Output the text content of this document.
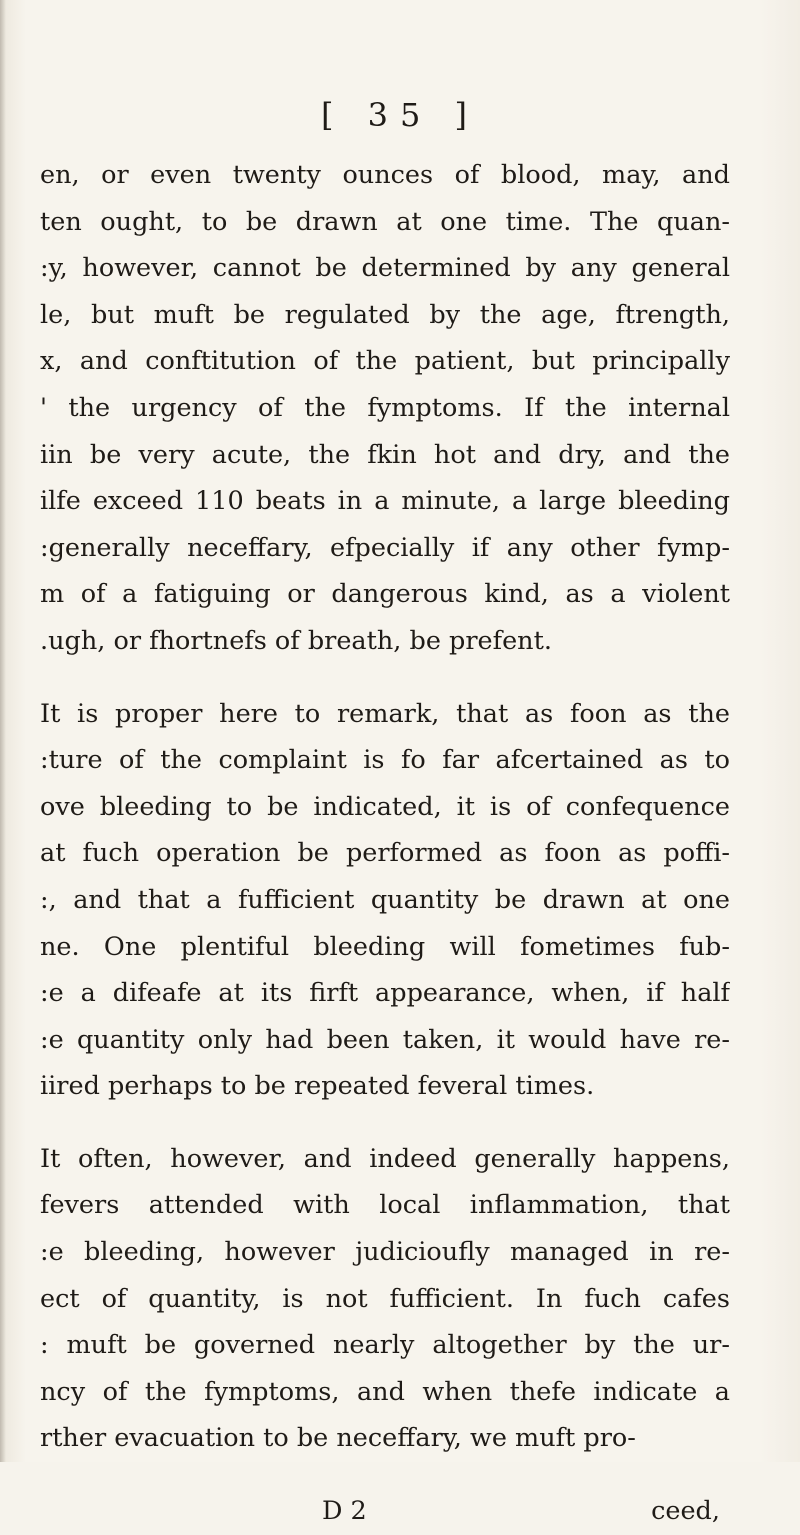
[ 35 ]
en, or even twenty ounces of blood, may, and
ten ought, to be drawn at one time. The quan-
:y, however, cannot be determined by any general
le, but muft be regulated by the age, ftrength,
x, and conftitution of the patient, but principally
' the urgency of the fymptoms. If the internal
iin be very acute, the fkin hot and dry, and the
ilfe exceed 110 beats in a minute, a large bleeding
:generally neceffary, efpecially if any other fymp-
m of a fatiguing or dangerous kind, as a violent
.ugh, or fhortnefs of breath, be prefent.
It is proper here to remark, that as foon as the
:ture of the complaint is fo far afcertained as to
ove bleeding to be indicated, it is of confequence
at fuch operation be performed as foon as poffi-
:, and that a fufficient quantity be drawn at one
ne. One plentiful bleeding will fometimes fub-
:e a difeafe at its firft appearance, when, if half
:e quantity only had been taken, it would have re-
iired perhaps to be repeated feveral times.
It often, however, and indeed generally happens,
fevers attended with local inflammation, that
:e bleeding, however judicioufly managed in re-
ect of quantity, is not fufficient. In fuch cafes
: muft be governed nearly altogether by the ur-
ncy of the fymptoms, and when thefe indicate a
rther evacuation to be neceffary, we muft pro-
D 2	ceed,
